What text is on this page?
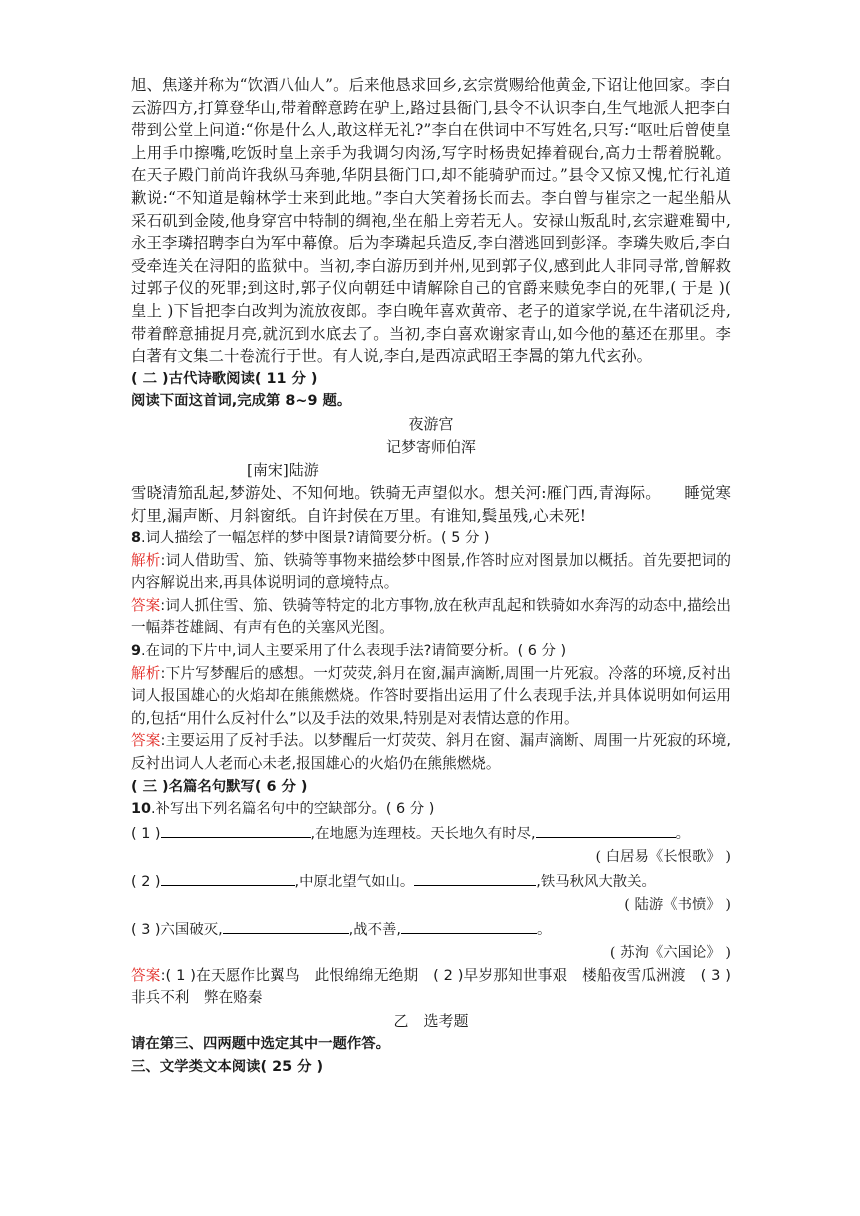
旭、焦遂并称为“饮酒八仙人”。后来他恳求回乡,玄宗赏赐给他黄金,下诏让他回家。李白云游四方,打算登华山,带着醉意跨在驴上,路过县衙门,县令不认识李白,生气地派人把李白带到公堂上问道:“你是什么人,敢这样无礼?”李白在供词中不写姓名,只写:“呕吐后曾使皇上用手巾擦嘴,吃饭时皇上亲手为我调匀肉汤,写字时杨贵妃捧着砚台,高力士帮着脱靴。在天子殿门前尚许我纵马奔驰,华阴县衙门口,却不能骑驴而过。”县令又惊又愧,忙行礼道歉说:“不知道是翰林学士来到此地。”李白大笑着扬长而去。李白曾与崔宗之一起坐船从采石矶到金陵,他身穿宫中特制的绸袍,坐在船上旁若无人。安禄山叛乱时,玄宗避难蜀中,永王李璘招聘李白为军中幕僚。后为李璘起兵造反,李白潜逃回到彭泽。李璘失败后,李白受牵连关在浔阳的监狱中。当初,李白游历到并州,见到郭子仪,感到此人非同寻常,曾解救过郭子仪的死罪;到这时,郭子仪向朝廷中请解除自己的官爵来赎免李白的死罪,( 于是 )( 皇上 )下旨把李白改判为流放夜郎。李白晚年喜欢黄帝、老子的道家学说,在牛渚矶泛舟,带着醉意捕捉月亮,就沉到水底去了。当初,李白喜欢谢家青山,如今他的墓还在那里。李白著有文集二十卷流行于世。有人说,李白,是西凉武昭王李暠的第九代玄孙。

( 二 )古代诗歌阅读( 11 分 )

阅读下面这首词,完成第 8~9 题。

夜游宫

记梦寄师伯浑

[南宋]陆游

雪晓清笳乱起,梦游处、不知何地。铁骑无声望似水。想关河:雁门西,青海际。　　睡觉寒灯里,漏声断、月斜窗纸。自许封侯在万里。有谁知,鬓虽残,心未死!

8.词人描绘了一幅怎样的梦中图景?请简要分析。( 5 分 )

解析:词人借助雪、笳、铁骑等事物来描绘梦中图景,作答时应对图景加以概括。首先要把词的内容解说出来,再具体说明词的意境特点。

答案:词人抓住雪、笳、铁骑等特定的北方事物,放在秋声乱起和铁骑如水奔泻的动态中,描绘出一幅莽苍雄阔、有声有色的关塞风光图。

9.在词的下片中,词人主要采用了什么表现手法?请简要分析。( 6 分 )

解析:下片写梦醒后的感想。一灯荧荧,斜月在窗,漏声滴断,周围一片死寂。冷落的环境,反衬出词人报国雄心的火焰却在熊熊燃烧。作答时要指出运用了什么表现手法,并具体说明如何运用的,包括“用什么反衬什么”以及手法的效果,特别是对表情达意的作用。

答案:主要运用了反衬手法。以梦醒后一灯荧荧、斜月在窗、漏声滴断、周围一片死寂的环境,反衬出词人人老而心未老,报国雄心的火焰仍在熊熊燃烧。

( 三 )名篇名句默写( 6 分 )

10.补写出下列名篇名句中的空缺部分。( 6 分 )

( 1 )	,在地愿为连理枝。天长地久有时尽,	。

( 白居易《长恨歌》 )

( 2 )	,中原北望气如山。	,铁马秋风大散关。

( 陆游《书愤》 )

( 3 )六国破灭,	,战不善,	。

( 苏洵《六国论》 )

答案:( 1 )在天愿作比翼鸟　此恨绵绵无绝期　( 2 )早岁那知世事艰　楼船夜雪瓜洲渡　( 3 )非兵不利　弊在赂秦

乙　选考题

请在第三、四两题中选定其中一题作答。

三、文学类文本阅读( 25 分 )
